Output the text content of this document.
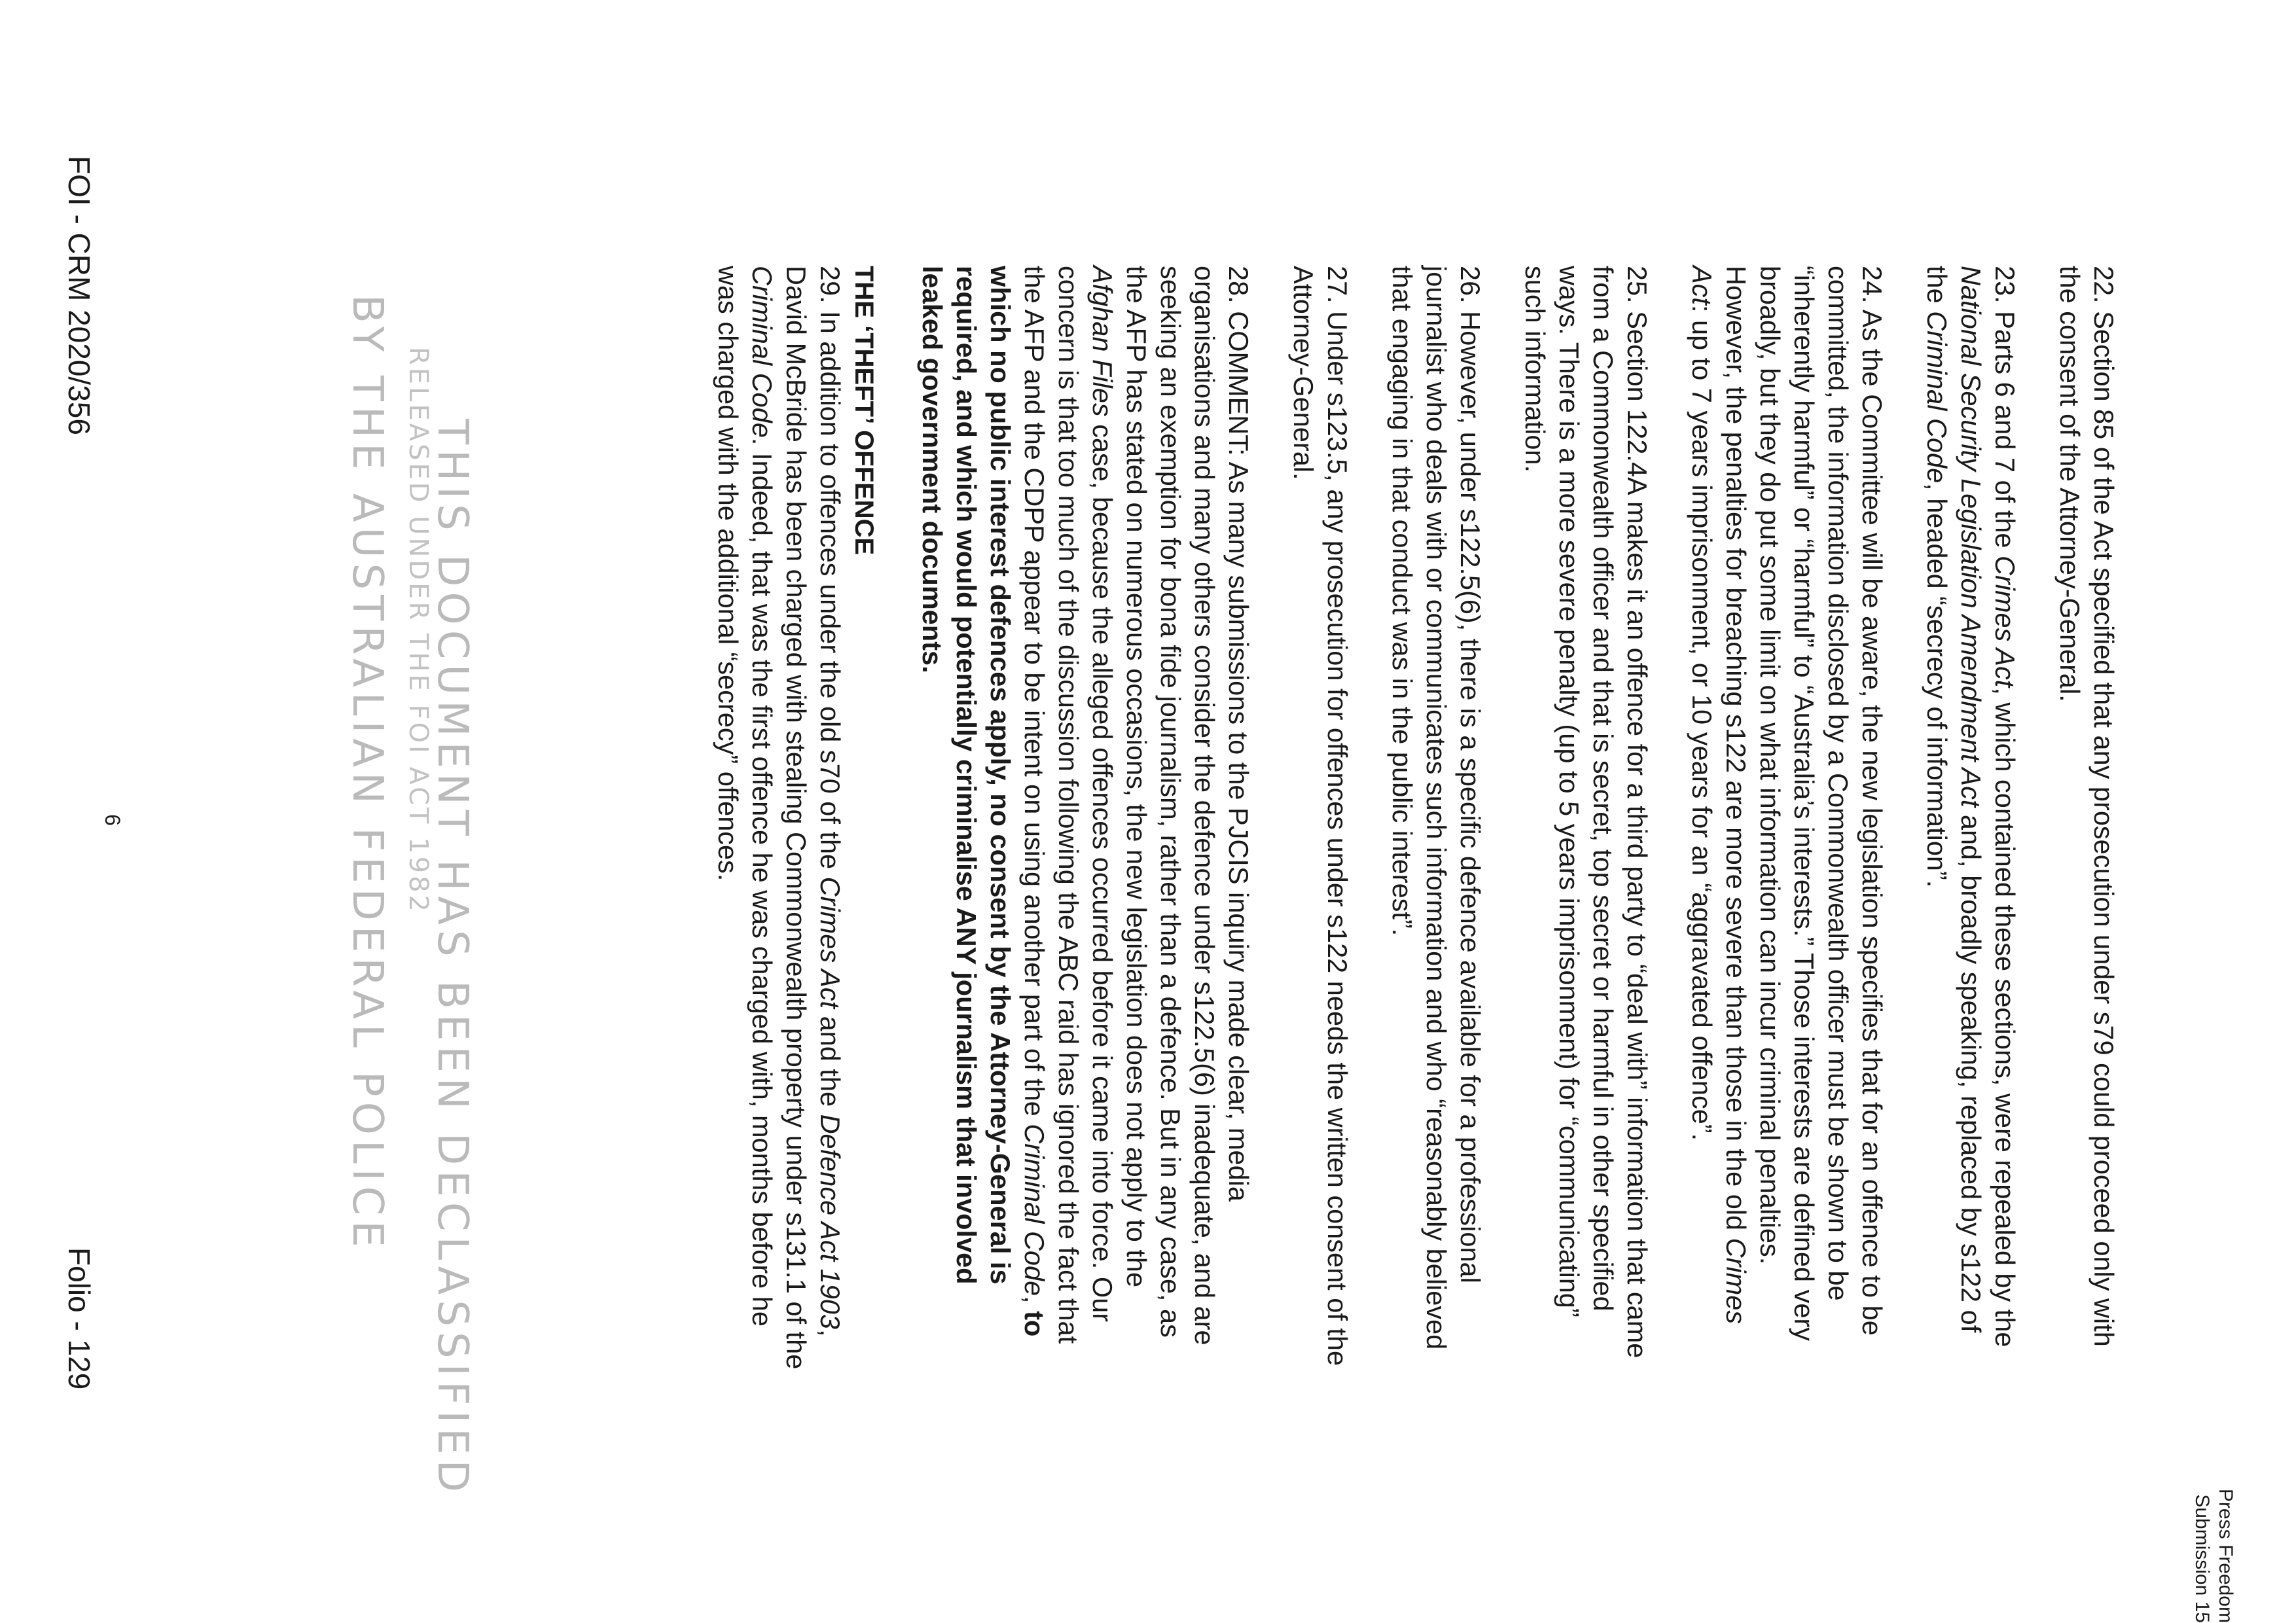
Press Freedom
Submission 15
22. Section 85 of the Act specified that any prosecution under s79 could proceed only with the consent of the Attorney-General.
23. Parts 6 and 7 of the Crimes Act, which contained these sections, were repealed by the National Security Legislation Amendment Act and, broadly speaking, replaced by s122 of the Criminal Code, headed “secrecy of information”.
24. As the Committee will be aware, the new legislation specifies that for an offence to be committed, the information disclosed by a Commonwealth officer must be shown to be “inherently harmful” or “harmful” to “Australia’s interests.” Those interests are defined very broadly, but they do put some limit on what information can incur criminal penalties. However, the penalties for breaching s122 are more severe than those in the old Crimes Act: up to 7 years imprisonment, or 10 years for an “aggravated offence”.
25. Section 122.4A makes it an offence for a third party to “deal with” information that came from a Commonwealth officer and that is secret, top secret or harmful in other specified ways. There is a more severe penalty (up to 5 years imprisonment) for “communicating” such information.
26. However, under s122.5(6), there is a specific defence available for a professional journalist who deals with or communicates such information and who “reasonably believed that engaging in that conduct was in the public interest”.
27. Under s123.5, any prosecution for offences under s122 needs the written consent of the Attorney-General.
28. COMMENT: As many submissions to the PJCIS inquiry made clear, media organisations and many others consider the defence under s122.5(6) inadequate, and are seeking an exemption for bona fide journalism, rather than a defence. But in any case, as the AFP has stated on numerous occasions, the new legislation does not apply to the Afghan Files case, because the alleged offences occurred before it came into force. Our concern is that too much of the discussion following the ABC raid has ignored the fact that the AFP and the CDPP appear to be intent on using another part of the Criminal Code, to which no public interest defences apply, no consent by the Attorney-General is required, and which would potentially criminalise ANY journalism that involved leaked government documents.
THE ‘THEFT’ OFFENCE
29. In addition to offences under the old s70 of the Crimes Act and the Defence Act 1903, David McBride has been charged with stealing Commonwealth property under s131.1 of the Criminal Code. Indeed, that was the first offence he was charged with, months before he was charged with the additional “secrecy” offences.
THIS DOCUMENT HAS BEEN DECLASSIFIED
RELEASED UNDER THE FOI ACT 1982
BY THE AUSTRALIAN FEDERAL POLICE
6
FOI - CRM 2020/356
Folio - 129
